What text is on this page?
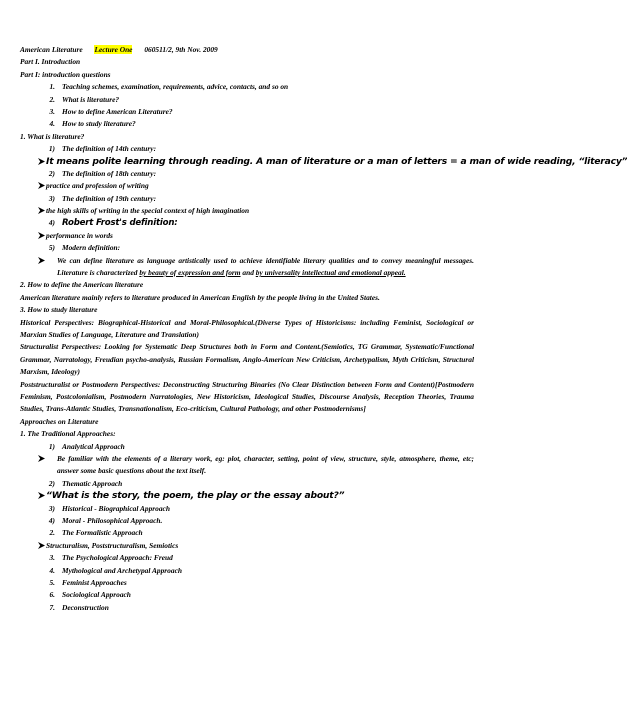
American Literature Lecture One 060511/2, 9th Nov. 2009
Part I. Introduction
Part I: introduction questions
1. Teaching schemes, examination, requirements, advice, contacts, and so on
2. What is literature?
3. How to define American Literature?
4. How to study literature?
1. What is literature?
1) The definition of 14th century:
It means polite learning through reading. A man of literature or a man of letters = a man of wide reading, “literacy”
2) The definition of 18th century:
practice and profession of writing
3) The definition of 19th century:
the high skills of writing in the special context of high imagination
4) Robert Frost's definition:
performance in words
5) Modern definition:
We can define literature as language artistically used to achieve identifiable literary qualities and to convey meaningful messages. Literature is characterized by beauty of expression and form and by universality intellectual and emotional appeal.
2. How to define the American literature
American literature mainly refers to literature produced in American English by the people living in the United States.
3. How to study literature
Historical Perspectives: Biographical-Historical and Moral-Philosophical.(Diverse Types of Historicisms: including Feminist, Sociological or Marxian Studies of Language, Literature and Translation)
Structuralist Perspectives: Looking for Systematic Deep Structures both in Form and Content.(Semiotics, TG Grammar, Systematic/Functional Grammar, Narratology, Freudian psycho-analysis, Russian Formalism, Anglo-American New Criticism, Archetypalism, Myth Criticism, Structural Marxism, Ideology)
Poststructuralist or Postmodern Perspectives: Deconstructing Structuring Binaries (No Clear Distinction between Form and Content)[Postmodern Feminism, Postcolonialism, Postmodern Narratologies, New Historicism, Ideological Studies, Discourse Analysis, Reception Theories, Trauma Studies, Trans-Atlantic Studies, Transnationalism, Eco-criticism, Cultural Pathology, and other Postmodernisms]
Approaches on Literature
1. The Traditional Approaches:
1) Analytical Approach
Be familiar with the elements of a literary work, eg: plot, character, setting, point of view, structure, style, atmosphere, theme, etc; answer some basic questions about the text itself.
2) Thematic Approach
“What is the story, the poem, the play or the essay about?”
3) Historical - Biographical Approach
4) Moral - Philosophical Approach.
2. The Formalistic Approach
Structuralism, Poststructuralism, Semiotics
3. The Psychological Approach: Freud
4. Mythological and Archetypal Approach
5. Feminist Approaches
6. Sociological Approach
7. Deconstruction
